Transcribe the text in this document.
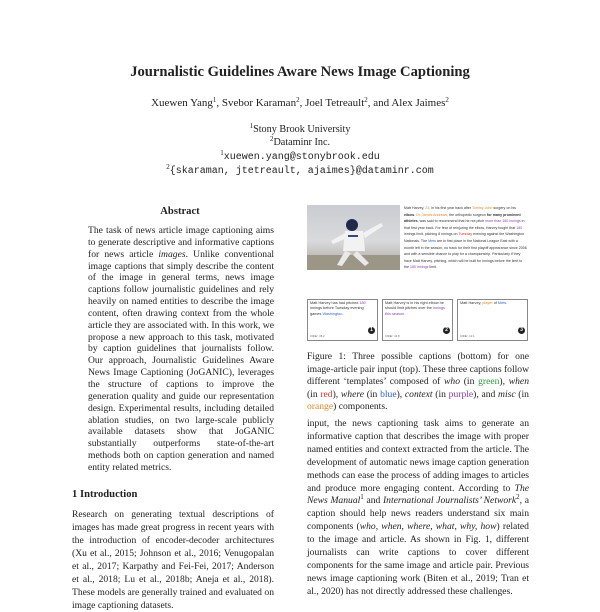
Journalistic Guidelines Aware News Image Captioning
Xuewen Yang$^1$, Svebor Karaman$^2$, Joel Tetreault$^2$, and Alex Jaimes$^2$
$^1$Stony Brook University
$^2$Dataminr Inc.
$^1$xuewen.yang@stonybrook.edu
$^2${skaraman, jtetreault, ajaimes}@dataminr.com
Abstract
The task of news article image captioning aims to generate descriptive and informative captions for news article images. Unlike conventional image captions that simply describe the content of the image in general terms, news image captions follow journalistic guidelines and rely heavily on named entities to describe the image content, often drawing context from the whole article they are associated with. In this work, we propose a new approach to this task, motivated by caption guidelines that journalists follow. Our approach, Journalistic Guidelines Aware News Image Captioning (JoGANIC), leverages the structure of captions to improve the generation quality and guide our representation design. Experimental results, including detailed ablation studies, on two large-scale publicly available datasets show that JoGANIC substantially outperforms state-of-the-art methods both on caption generation and named entity related metrics.
1 Introduction
Research on generating textual descriptions of images has made great progress in recent years with the introduction of encoder-decoder architectures (Xu et al., 2015; Johnson et al., 2016; Venugopalan et al., 2017; Karpathy and Fei-Fei, 2017; Anderson et al., 2018; Lu et al., 2018b; Aneja et al., 2018). These models are generally trained and evaluated on image captioning datasets.
Matt Harvey, 23, in his first year back after Tommy John surgery on his elbow. Dr. James Andrews, the orthopedic surgeon for many prominent athletes, was said to recommend that he not pitch more than 180 innings in that first year back. For fear of reinjuring the elbow, Harvey fought that 180 innings limit, pitching 8 innings on Tuesday evening against the Washington Nationals. The Mets are in first place in the National League East with a month left in the season, no track for their first playoff appearance since 2006 and with a sensible chance to play for a championship. Particularly if they have Matt Harvey, pitching, which will be built for innings before the limit to the 180 innings limit.
Matt Harvey has had pitched 180 innings before Tuesday evening games Washington.
1
CIDEr: 35.2
Matt Harvey is in his right elbow he should limit pitches over the innings this season.
2
CIDEr: 41.8
Matt Harvey, player of Mets.
3
CIDEr: 12.1
Figure 1: Three possible captions (bottom) for one image-article pair input (top). These three captions follow different ‘templates’ composed of who (in green), when (in red), where (in blue), context (in purple), and misc (in orange) components.
input, the news captioning task aims to generate an informative caption that describes the image with proper named entities and context extracted from the article. The development of automatic news image caption generation methods can ease the process of adding images to articles and produce more engaging content. According to The News Manual$^1$ and International Journalists’ Network$^2$, a caption should help news readers understand six main components (who, when, where, what, why, how) related to the image and article. As shown in Fig. 1, different journalists can write captions to cover different components for the same image and article pair. Previous news image captioning work (Biten et al., 2019; Tran et al., 2020) has not directly addressed these challenges.
